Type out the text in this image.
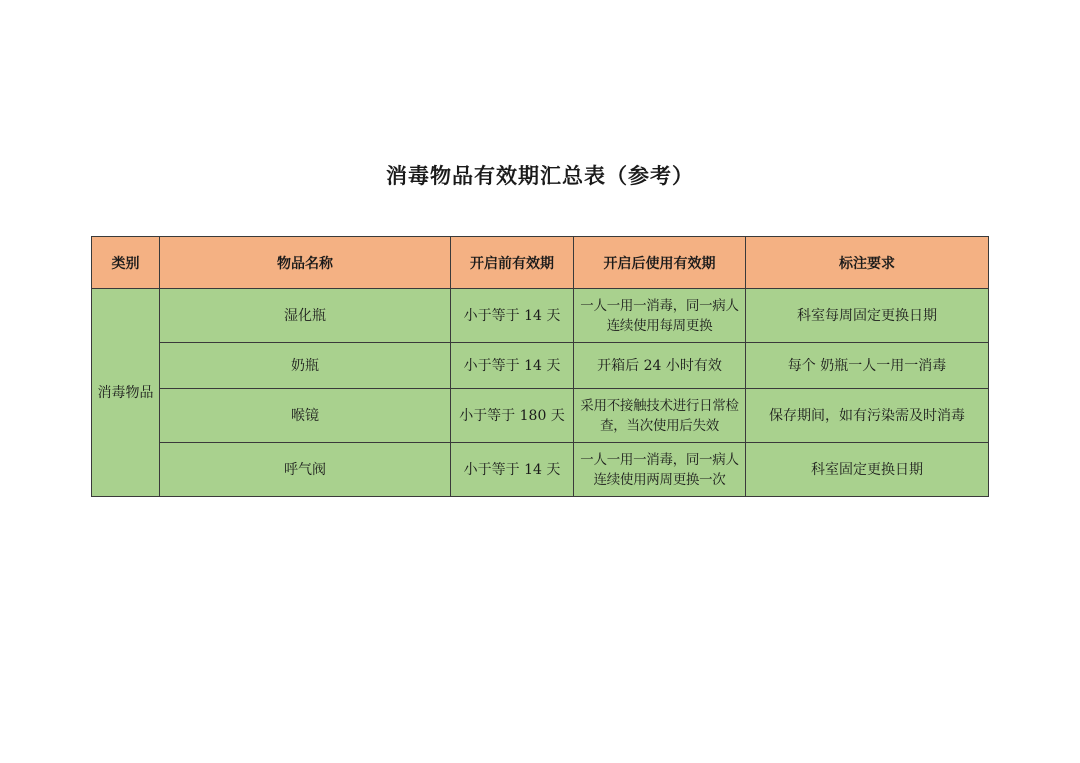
消毒物品有效期汇总表（参考）
类别	物品名称	开启前有效期	开启后使用有效期	标注要求
消毒物品	湿化瓶	小于等于 14 天	一人一用一消毒，同一病人连续使用每周更换	科室每周固定更换日期
	奶瓶	小于等于 14 天	开箱后 24 小时有效	每个 奶瓶一人一用一消毒
	喉镜	小于等于 180 天	采用不接触技术进行日常检查，当次使用后失效	保存期间，如有污染需及时消毒
	呼气阀	小于等于 14 天	一人一用一消毒，同一病人连续使用两周更换一次	科室固定更换日期
